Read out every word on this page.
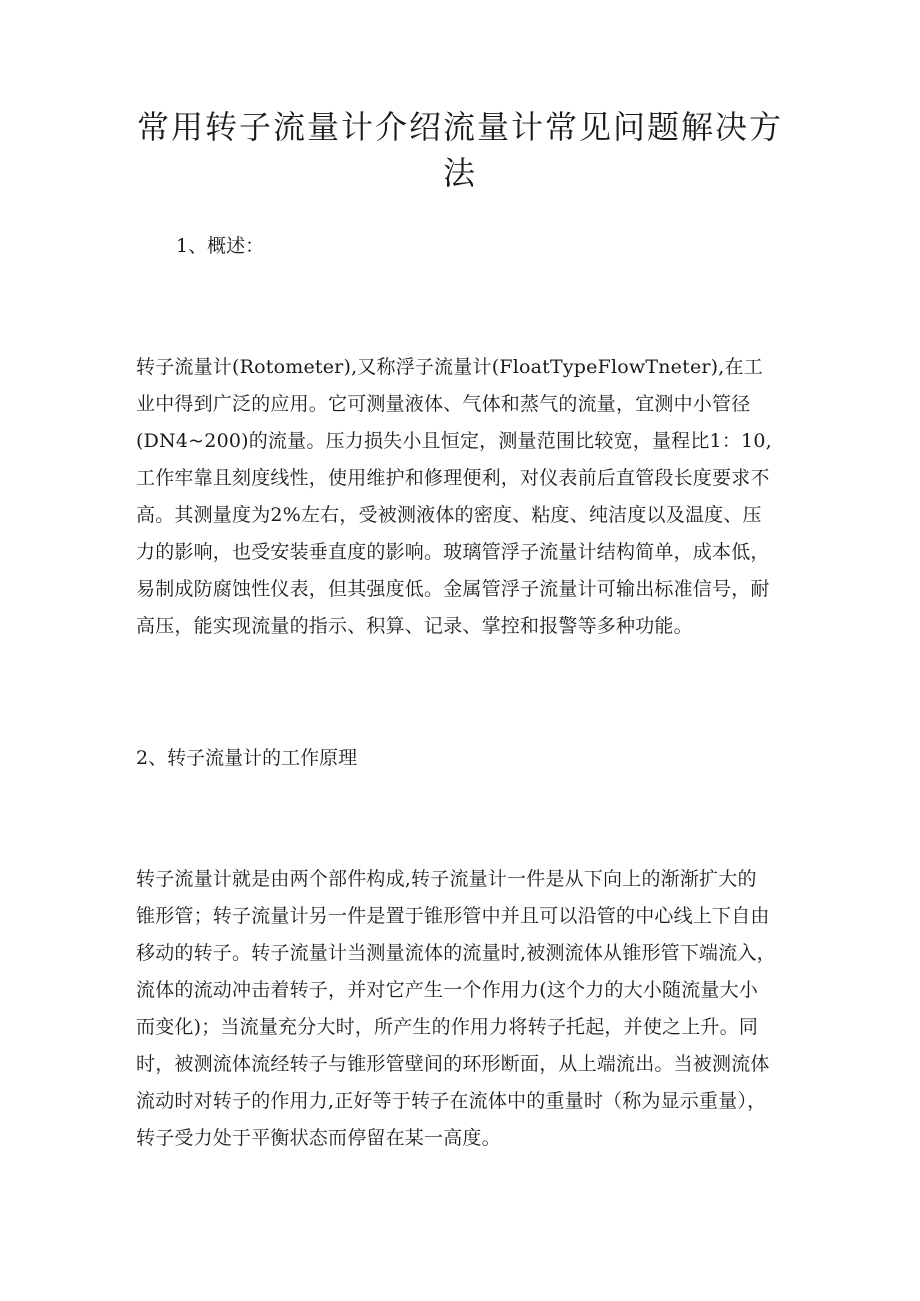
常用转子流量计介绍流量计常见问题解决方
法
1、概述：
转子流量计(Rotometer),又称浮子流量计(FloatTypeFlowTneter),在工
业中得到广泛的应用。它可测量液体、气体和蒸气的流量，宜测中小管径
(DN4~200)的流量。压力损失小且恒定，测量范围比较宽，量程比1：10,
工作牢靠且刻度线性，使用维护和修理便利，对仪表前后直管段长度要求不
高。其测量度为2%左右，受被测液体的密度、粘度、纯洁度以及温度、压
力的影响，也受安装垂直度的影响。玻璃管浮子流量计结构简单，成本低，
易制成防腐蚀性仪表，但其强度低。金属管浮子流量计可输出标准信号，耐
高压，能实现流量的指示、积算、记录、掌控和报警等多种功能。
2、转子流量计的工作原理
转子流量计就是由两个部件构成,转子流量计一件是从下向上的渐渐扩大的
锥形管；转子流量计另一件是置于锥形管中并且可以沿管的中心线上下自由
移动的转子。转子流量计当测量流体的流量时,被测流体从锥形管下端流入，
流体的流动冲击着转子，并对它产生一个作用力(这个力的大小随流量大小
而变化)；当流量充分大时，所产生的作用力将转子托起，并使之上升。同
时，被测流体流经转子与锥形管壁间的环形断面，从上端流出。当被测流体
流动时对转子的作用力,正好等于转子在流体中的重量时（称为显示重量），
转子受力处于平衡状态而停留在某一高度。
